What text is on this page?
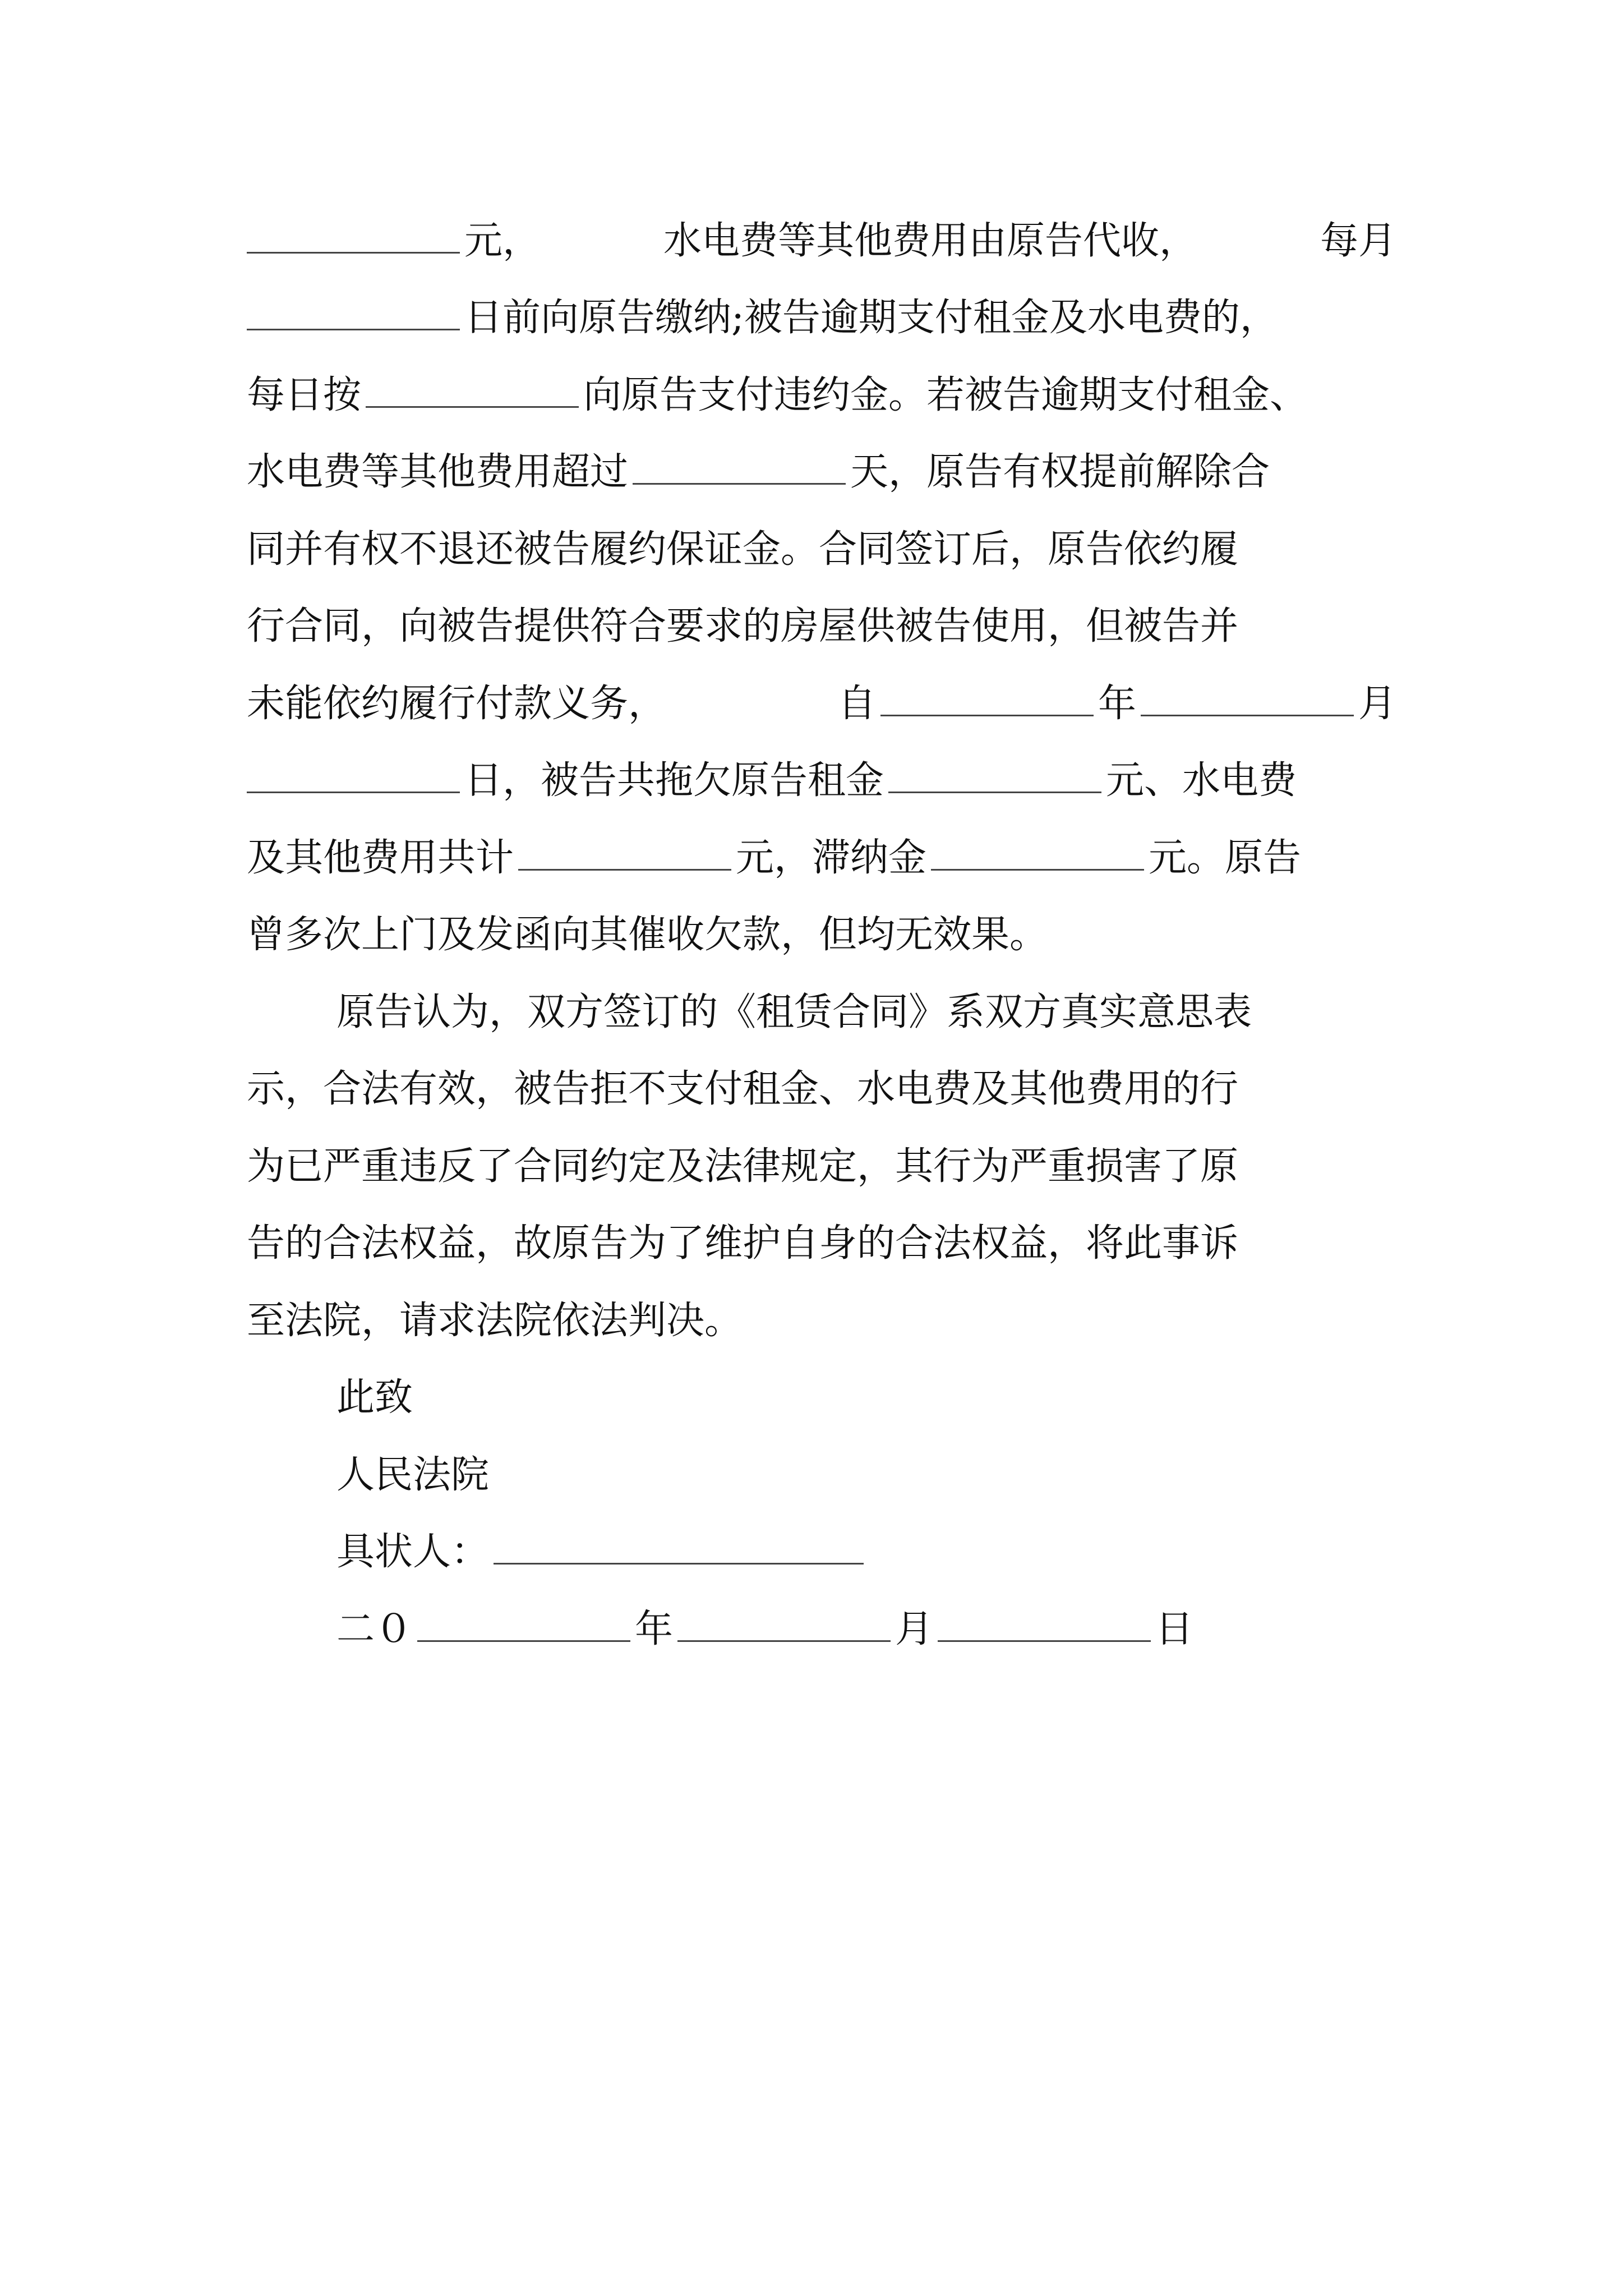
元，	水电费等其他费用由原告代收，	每月
日前向原告缴纳;被告逾期支付租金及水电费的，
每日按	向原告支付违约金。若被告逾期支付租金、
水电费等其他费用超过	天，原告有权提前解除合
同并有权不退还被告履约保证金。合同签订后，原告依约履
行合同，向被告提供符合要求的房屋供被告使用，但被告并
未能依约履行付款义务，	自	年	月
日，被告共拖欠原告租金	元、水电费
及其他费用共计	元，滞纳金	元。原告
曾多次上门及发函向其催收欠款，但均无效果。
原告认为，双方签订的《租赁合同》系双方真实意思表
示，合法有效，被告拒不支付租金、水电费及其他费用的行
为已严重违反了合同约定及法律规定，其行为严重损害了原
告的合法权益，故原告为了维护自身的合法权益，将此事诉
至法院，请求法院依法判决。
此致
人民法院
具状人：
二０	年	月	日
